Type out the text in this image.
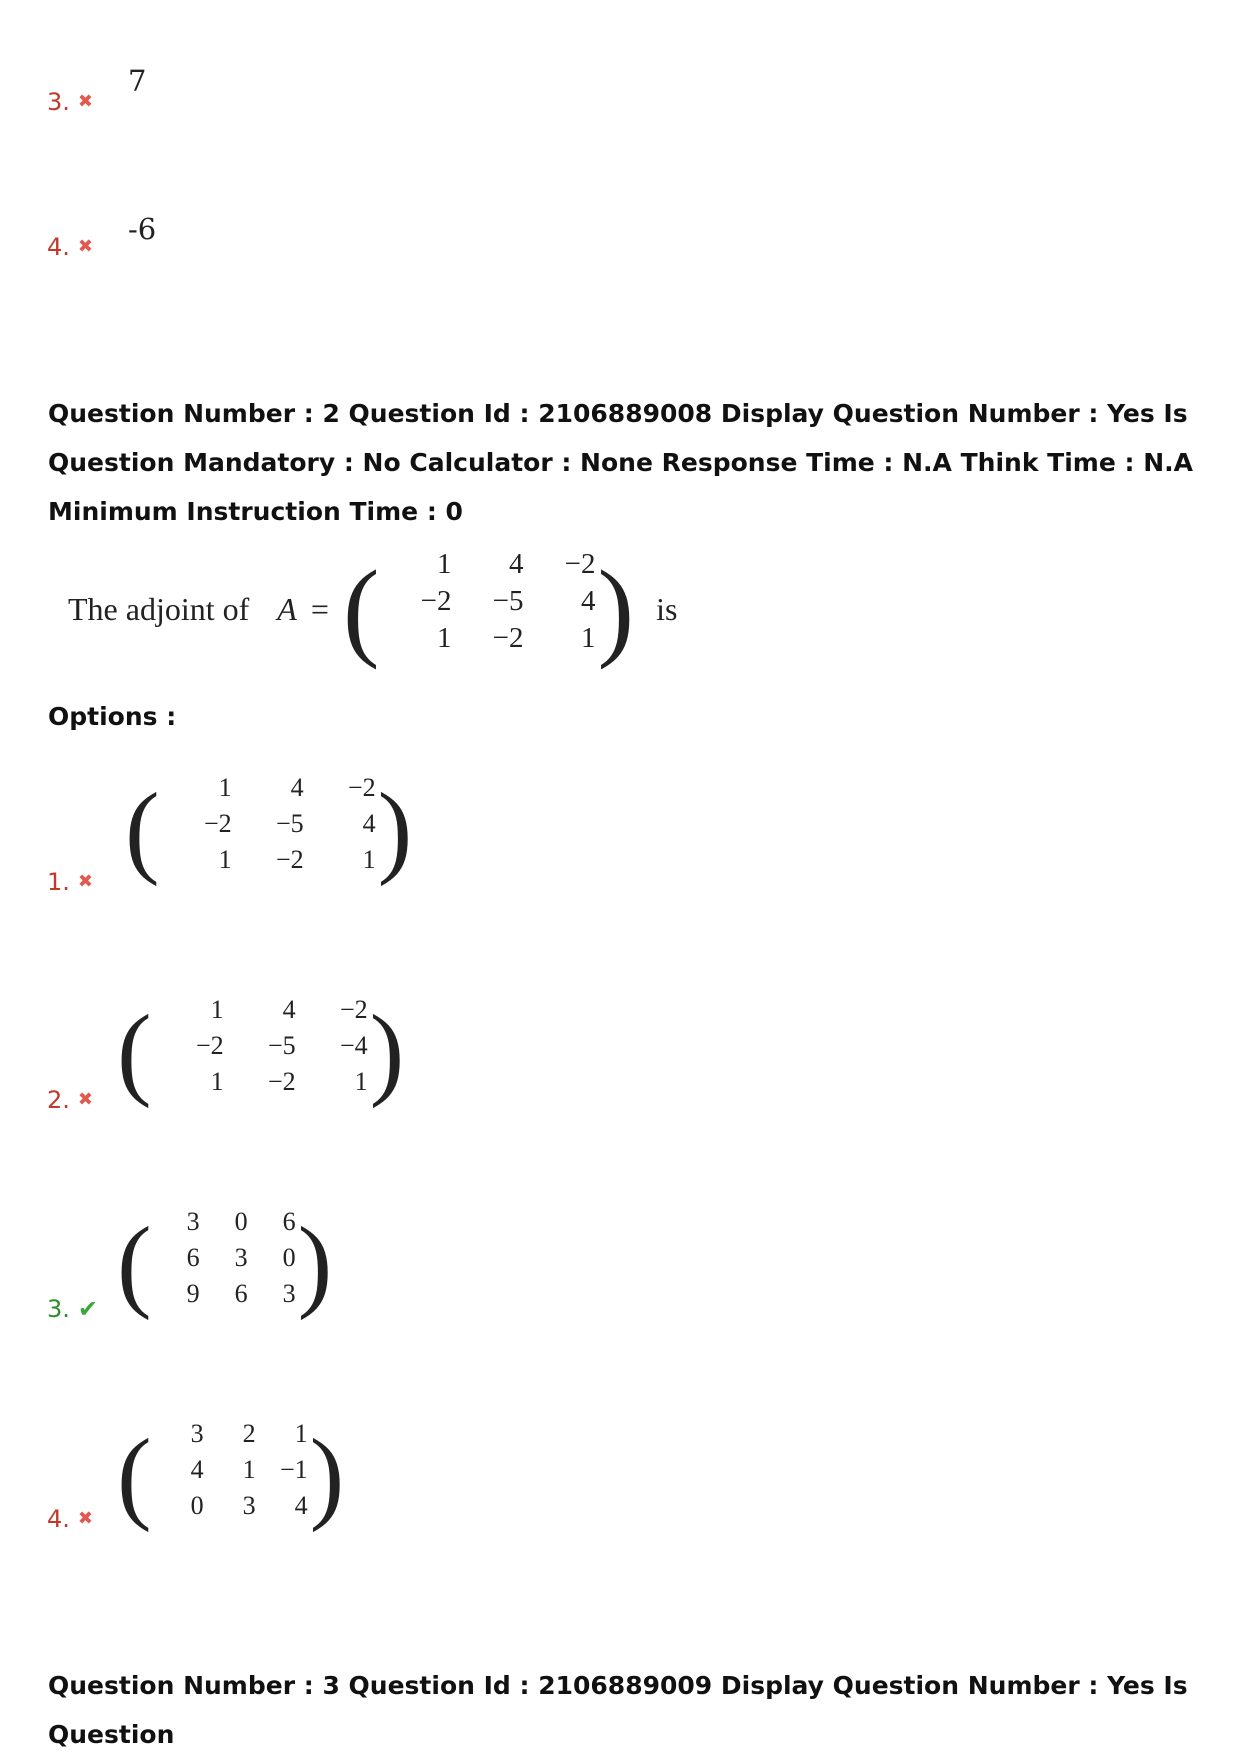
3. ✖
7
4. ✖
-6
Question Number : 2 Question Id : 2106889008 Display Question Number : Yes Is Question Mandatory : No Calculator : None Response Time : N.A Think Time : N.A Minimum Instruction Time : 0
The adjoint of A = (	1	4	−2
−2	−5	4
1	−2	1 ) is
Options :
(	1	4	−2
−2	−5	4
1	−2	1 )
1. ✖
(	1	4	−2
−2	−5	−4
1	−2	1 )
2. ✖
(	3	0	6
6	3	0
9	6	3 )
3. ✔
(	3	2	1
4	1 −1
0	3	4 )
4. ✖
Question Number : 3 Question Id : 2106889009 Display Question Number : Yes Is Question
